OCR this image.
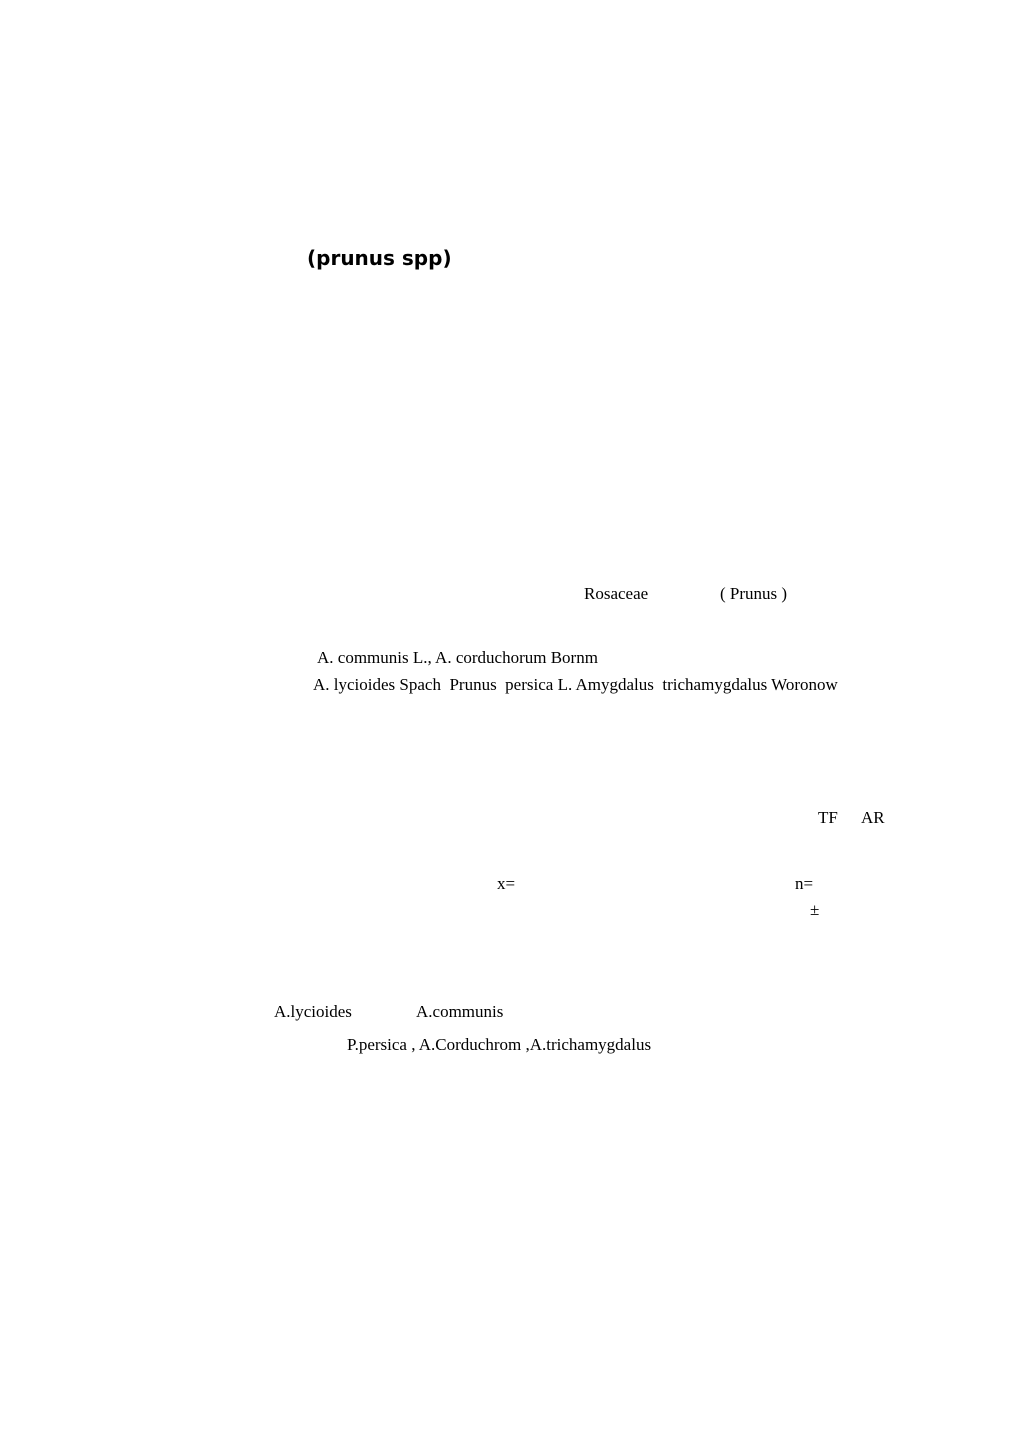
(prunus spp)
Rosaceae	( Prunus )
A. communis L., A. corduchorum Bornm
A. lycioides Spach  Prunus  persica L. Amygdalus  trichamygdalus Woronow
TF AR
x=	n=
±
A.lycioides	A.communis
P.persica , A.Corduchrom ,A.trichamygdalus
